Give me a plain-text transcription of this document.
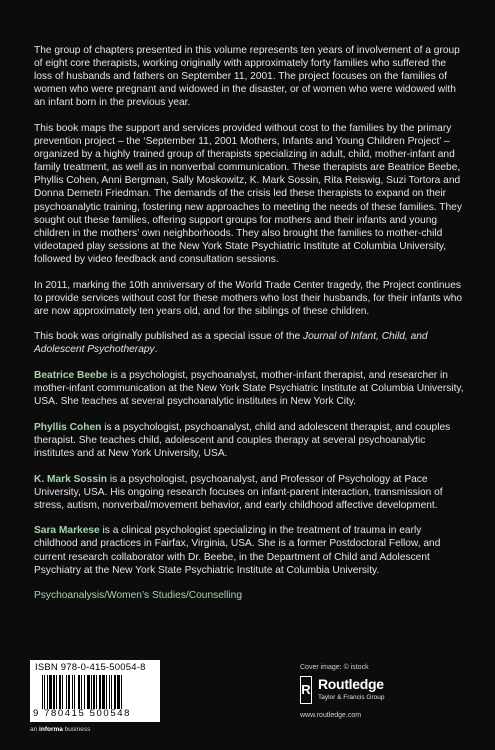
The group of chapters presented in this volume represents ten years of involvement of a group of eight core therapists, working originally with approximately forty families who suffered the loss of husbands and fathers on September 11, 2001. The project focuses on the families of women who were pregnant and widowed in the disaster, or of women who were widowed with an infant born in the previous year.

This book maps the support and services provided without cost to the families by the primary prevention project – the ‘September 11, 2001 Mothers, Infants and Young Children Project’ – organized by a highly trained group of therapists specializing in adult, child, mother-infant and family treatment, as well as in nonverbal communication. These therapists are Beatrice Beebe, Phyllis Cohen, Anni Bergman, Sally Moskowitz, K. Mark Sossin, Rita Reiswig, Suzi Tortora and Donna Demetri Friedman. The demands of the crisis led these therapists to expand on their psychoanalytic training, fostering new approaches to meeting the needs of these families. They sought out these families, offering support groups for mothers and their infants and young children in the mothers’ own neighborhoods. They also brought the families to mother-child videotaped play sessions at the New York State Psychiatric Institute at Columbia University, followed by video feedback and consultation sessions.

In 2011, marking the 10th anniversary of the World Trade Center tragedy, the Project continues to provide services without cost for these mothers who lost their husbands, for their infants who are now approximately ten years old, and for the siblings of these children.

This book was originally published as a special issue of the Journal of Infant, Child, and Adolescent Psychotherapy.

Beatrice Beebe is a psychologist, psychoanalyst, mother-infant therapist, and researcher in mother-infant communication at the New York State Psychiatric Institute at Columbia University, USA. She teaches at several psychoanalytic institutes in New York City.

Phyllis Cohen is a psychologist, psychoanalyst, child and adolescent therapist, and couples therapist. She teaches child, adolescent and couples therapy at several psychoanalytic institutes and at New York University, USA.

K. Mark Sossin is a psychologist, psychoanalyst, and Professor of Psychology at Pace University, USA. His ongoing research focuses on infant-parent interaction, transmission of stress, autism, nonverbal/movement behavior, and early childhood affective development.

Sara Markese is a clinical psychologist specializing in the treatment of trauma in early childhood and practices in Fairfax, Virginia, USA. She is a former Postdoctoral Fellow, and current research collaborator with Dr. Beebe, in the Department of Child and Adolescent Psychiatry at the New York State Psychiatric Institute at Columbia University.

Psychoanalysis/Women’s Studies/Counselling
ISBN 978-0-415-50054-8
9 780415 500548
an informa business
Cover image: © istock
R Routledge
Taylor & Francis Group
www.routledge.com
